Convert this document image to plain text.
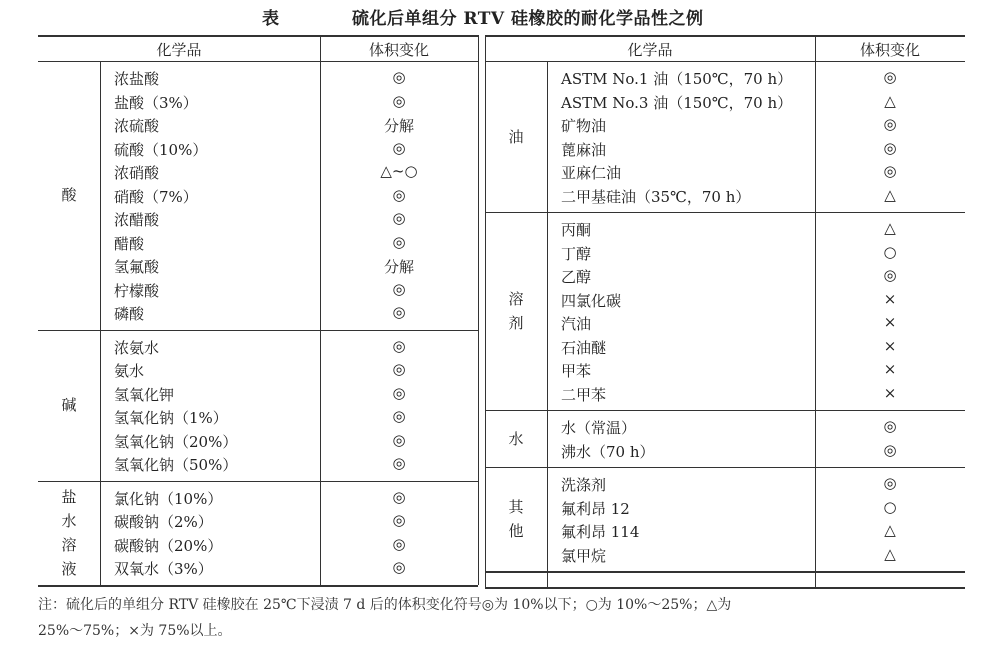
表	硫化后单组分 RTV 硅橡胶的耐化学品性之例
化学品	体积变化
酸
浓盐酸	◎
盐酸（3%）	◎
浓硫酸	分解
硫酸（10%）	◎
浓硝酸	△~○
硝酸（7%）	◎
浓醋酸	◎
醋酸	◎
氢氟酸	分解
柠檬酸	◎
磷酸	◎
碱
浓氨水	◎
氨水	◎
氢氧化钾	◎
氢氧化钠（1%）	◎
氢氧化钠（20%）	◎
氢氧化钠（50%）	◎
盐
水
溶
液
氯化钠（10%）	◎
碳酸钠（2%）	◎
碳酸钠（20%）	◎
双氧水（3%）	◎
化学品	体积变化
油
ASTM No.1 油（150℃，70 h）	◎
ASTM No.3 油（150℃，70 h）	△
矿物油	◎
蓖麻油	◎
亚麻仁油	◎
二甲基硅油（35℃，70 h）	△
溶
剂
丙酮	△
丁醇	○
乙醇	◎
四氯化碳	×
汽油	×
石油醚	×
甲苯	×
二甲苯	×
水
水（常温）	◎
沸水（70 h）	◎
其
他
洗涤剂	◎
氟利昂 12	○
氟利昂 114	△
氯甲烷	△
注：硫化后的单组分 RTV 硅橡胶在 25℃下浸渍 7 d 后的体积变化符号◎为 10%以下；○为 10%～25%；△为
25%～75%；×为 75%以上。
